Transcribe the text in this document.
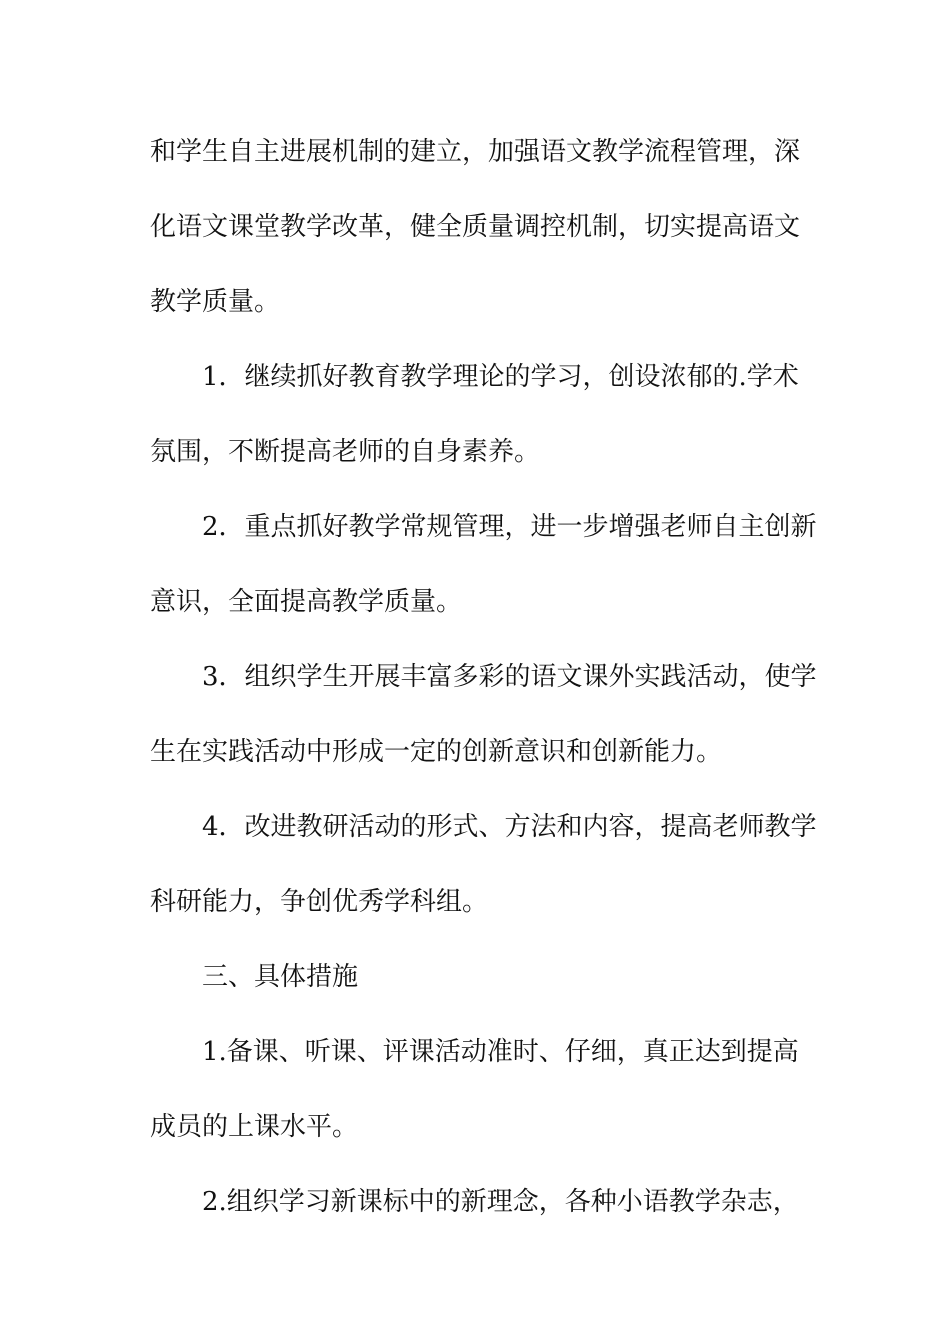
和学生自主进展机制的建立，加强语文教学流程管理，深
化语文课堂教学改革，健全质量调控机制，切实提高语文
教学质量。
1．继续抓好教育教学理论的学习，创设浓郁的.学术
氛围，不断提高老师的自身素养。
2．重点抓好教学常规管理，进一步增强老师自主创新
意识，全面提高教学质量。
3．组织学生开展丰富多彩的语文课外实践活动，使学
生在实践活动中形成一定的创新意识和创新能力。
4．改进教研活动的形式、方法和内容，提高老师教学
科研能力，争创优秀学科组。
三、具体措施
1.备课、听课、评课活动准时、仔细，真正达到提高
成员的上课水平。
2.组织学习新课标中的新理念，各种小语教学杂志，
